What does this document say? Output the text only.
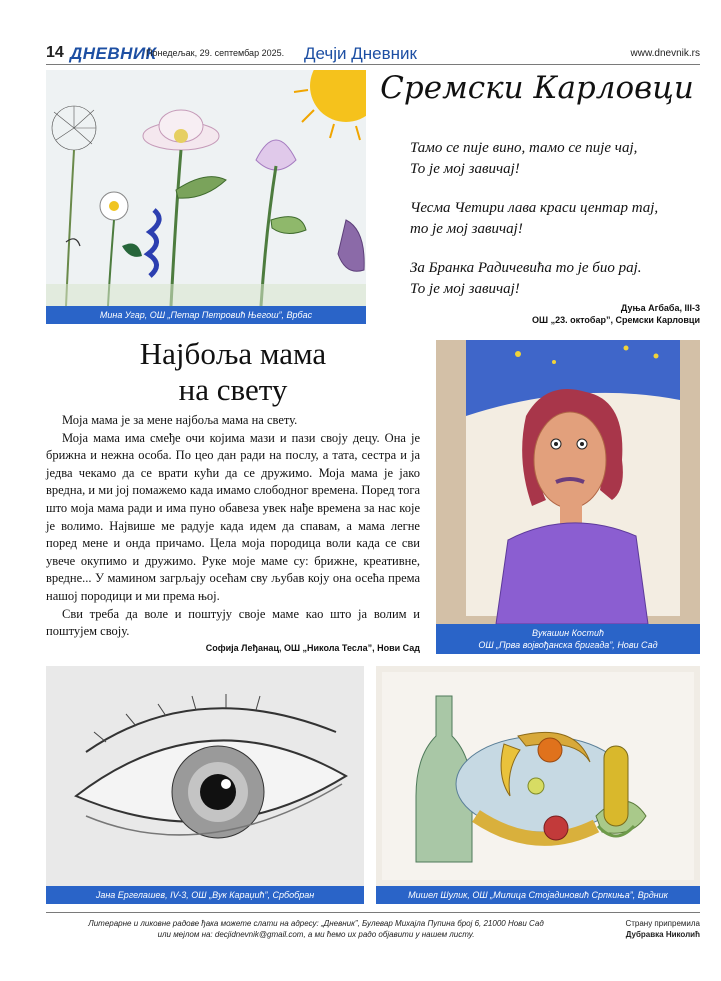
14 ДНЕВНИК
Понедељак, 29. септембар 2025.	Дечји Дневник	www.dnevnik.rs
Мина Угар, ОШ „Петар Петровић Његош”, Врбас
Сремски Карловци
Тамо се пије вино, тамо се пије чај,
То је мој завичај!
Чесма Четири лава краси центар тај,
то је мој завичај!
За Бранка Радичевића то је био рај.
То је мој завичај!
Дуња Агбаба, III-3
ОШ „23. октобар”, Сремски Карловци
Најбоља мама
на свету

Моја мама је за мене најбоља мама на свету.

Моја мама има смеђе очи којима мази и пази своју децу. Она је брижна и нежна особа. По цео дан ради на послу, а тата, сестра и ја једва чекамо да се врати кући да се дружимо. Моја мама је јако вредна, и ми јој помажемо када имамо слободног времена. Поред тога што моја мама ради и има пуно обавеза увек нађе времена за нас које је волимо. Највише ме радује када идем да спавам, а мама легне поред мене и онда причамо. Цела моја породица воли када се сви увече окупимо и дружимо. Руке моје маме су: брижне, креативне, вредне... У мамином загрљају осећам сву љубав коју она осећа према нашој породици и ми према њој.

Сви треба да воле и поштују своје маме као што ја волим и поштујем своју.

Софија Леђанац, ОШ „Никола Тесла”, Нови Сад
Вукашин Костић
ОШ „Прва војвођанска бригада”, Нови Сад
Јана Ергелашев, IV-3, ОШ „Вук Караџић”, Србобран	Мишел Шулик, ОШ „Милица Стојадиновић Српкиња”, Врдник
Литерарне и ликовне радове ђака можете слати на адресу: „Дневник”, Булевар Михајла Пупина број 6, 21000 Нови Сад
или мејлом на: decjidnevnik@gmail.com, а ми ћемо их радо објавити у нашем листу.
Страну припремила
Дубравка Николић
